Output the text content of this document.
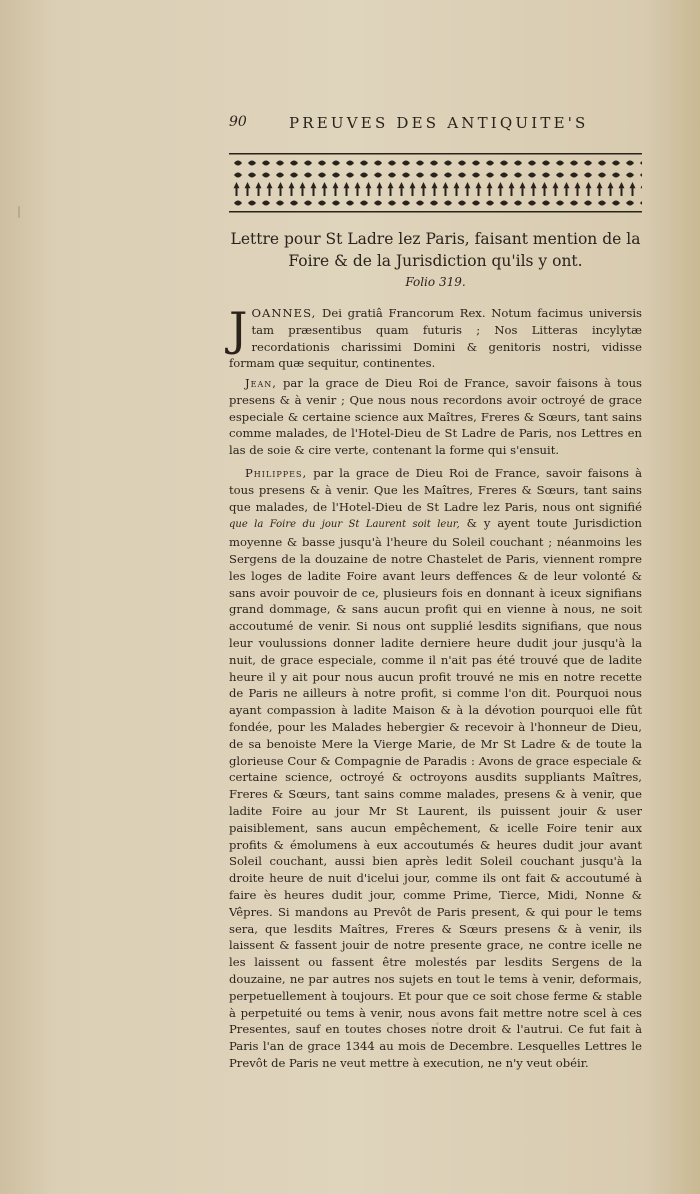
90	PREUVES DES ANTIQUITE'S
Lettre pour St Ladre lez Paris, faisant mention de la Foire & de la Jurisdiction qu'ils y ont.
Folio 319.
JOANNES, Dei gratiâ Francorum Rex. Notum facimus universis tam præsentibus quam futuris ; Nos Litteras incylytæ recordationis charissimi Domini & genitoris nostri, vidisse formam quæ sequitur, continentes.
Jean, par la grace de Dieu Roi de France, savoir faisons à tous presens & à venir ; Que nous nous recordons avoir octroyé de grace especiale & certaine science aux Maîtres, Freres & Sœurs, tant sains comme malades, de l'Hotel-Dieu de St Ladre de Paris, nos Lettres en las de soie & cire verte, contenant la forme qui s'ensuit.
Philippes, par la grace de Dieu Roi de France, savoir faisons à tous presens & à venir. Que les Maîtres, Freres & Sœurs, tant sains que malades, de l'Hotel-Dieu de St Ladre lez Paris, nous ont signifié que la Foire du jour St Laurent soit leur, & y ayent toute Jurisdiction moyenne & basse jusqu'à l'heure du Soleil couchant ; néanmoins les Sergens de la douzaine de notre Chastelet de Paris, viennent rompre les loges de ladite Foire avant leurs deffences & de leur volonté & sans avoir pouvoir de ce, plusieurs fois en donnant à iceux signifians grand dommage, & sans aucun profit qui en vienne à nous, ne soit accoutumé de venir. Si nous ont supplié lesdits signifians, que nous leur voulussions donner ladite derniere heure dudit jour jusqu'à la nuit, de grace especiale, comme il n'ait pas été trouvé que de ladite heure il y ait pour nous aucun profit trouvé ne mis en notre recette de Paris ne ailleurs à notre profit, si comme l'on dit. Pourquoi nous ayant compassion à ladite Maison & à la dévotion pourquoi elle fût fondée, pour les Malades hebergier & recevoir à l'honneur de Dieu, de sa benoiste Mere la Vierge Marie, de Mr St Ladre & de toute la glorieuse Cour & Compagnie de Paradis : Avons de grace especiale & certaine science, octroyé & octroyons ausdits suppliants Maîtres, Freres & Sœurs, tant sains comme malades, presens & à venir, que ladite Foire au jour Mr St Laurent, ils puissent jouir & user paisiblement, sans aucun empêchement, & icelle Foire tenir aux profits & émolumens à eux accoutumés & heures dudit jour avant Soleil couchant, aussi bien après ledit Soleil couchant jusqu'à la droite heure de nuit d'icelui jour, comme ils ont fait & accoutumé à faire ès heures dudit jour, comme Prime, Tierce, Midi, Nonne & Vêpres. Si mandons au Prevôt de Paris present, & qui pour le tems sera, que lesdits Maîtres, Freres & Sœurs presens & à venir, ils laissent & fassent jouir de notre presente grace, ne contre icelle ne les laissent ou fassent être molestés par lesdits Sergens de la douzaine, ne par autres nos sujets en tout le tems à venir, deformais, perpetuellement à toujours. Et pour que ce soit chose ferme & stable à perpetuité ou tems à venir, nous avons fait mettre notre scel à ces Presentes, sauf en toutes choses notre droit & l'autrui. Ce fut fait à Paris l'an de grace 1344 au mois de Decembre. Lesquelles Lettres le Prevôt de Paris ne veut mettre à execution, ne n'y veut obéir.
